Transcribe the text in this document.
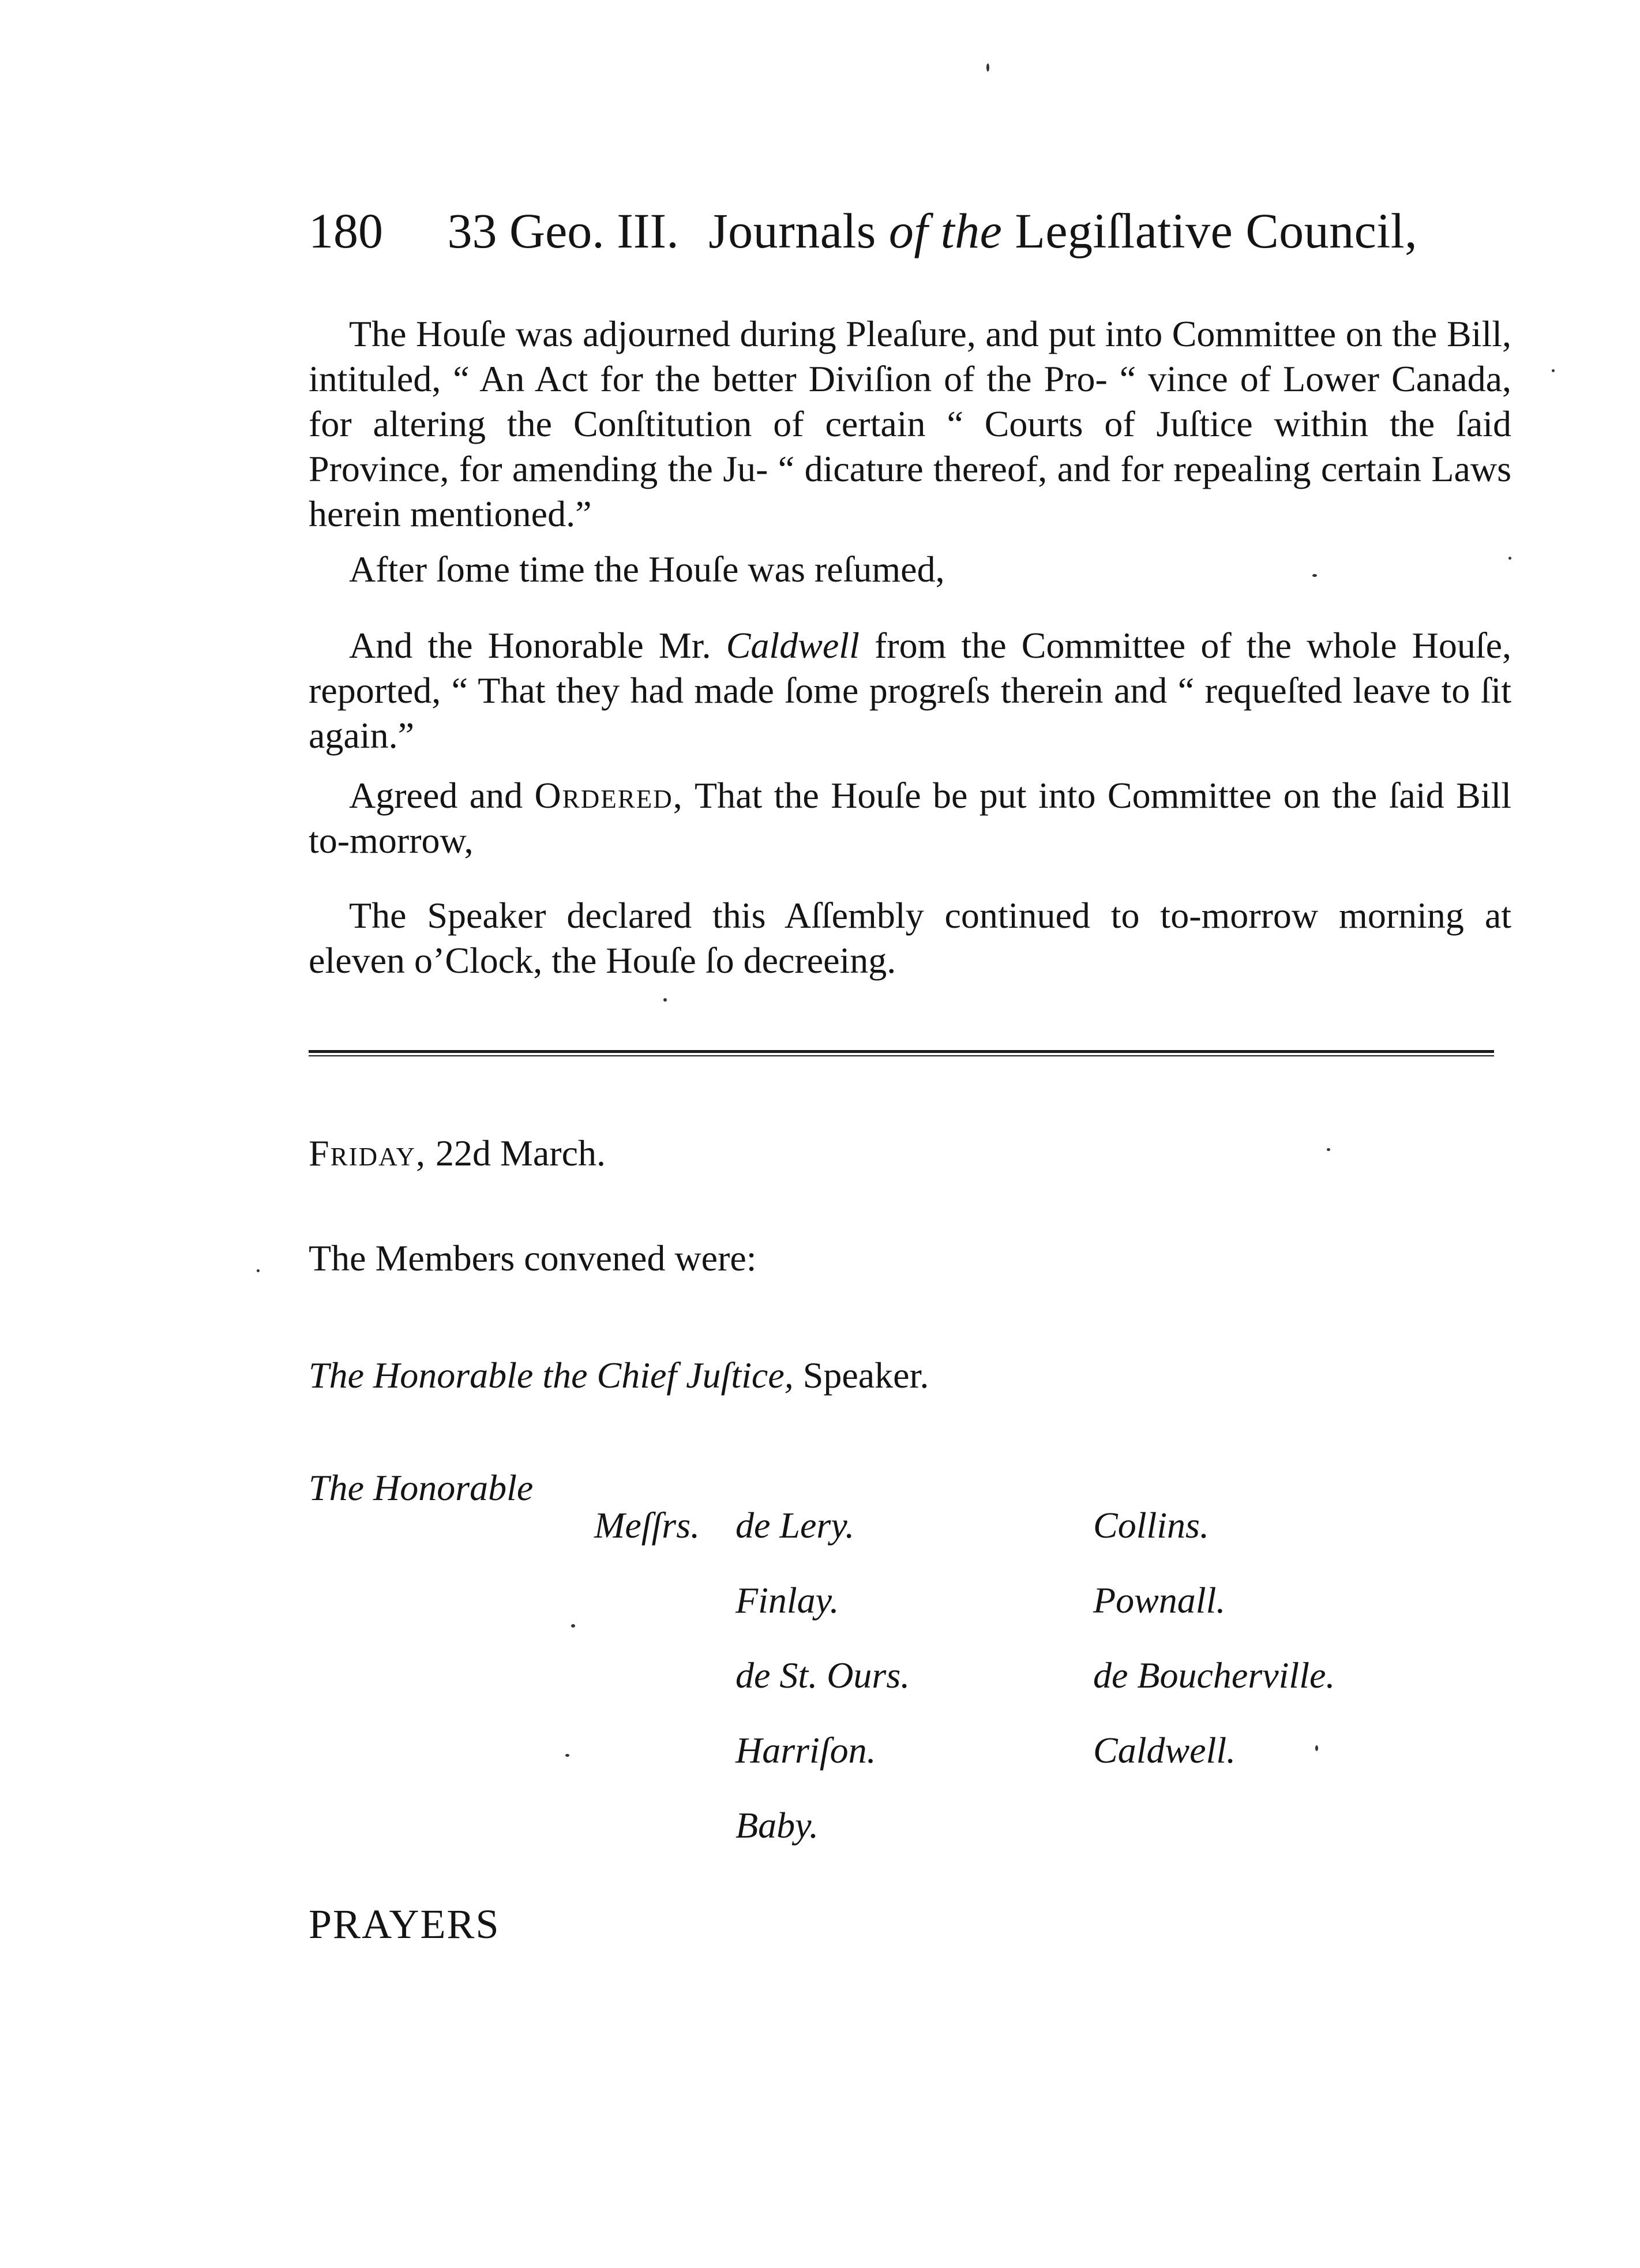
180 33 Geo. III. Journals of the Legiſlative Council,

The Houſe was adjourned during Pleaſure, and put into Committee on the Bill, intituled, “ An Act for the better Diviſion of the Pro- “ vince of Lower Canada, for altering the Conſtitution of certain “ Courts of Juſtice within the ſaid Province, for amending the Ju- “ dicature thereof, and for repealing certain Laws herein mentioned.”

After ſome time the Houſe was reſumed,

And the Honorable Mr. Caldwell from the Committee of the whole Houſe, reported, “ That they had made ſome progreſs therein and “ requeſted leave to ſit again.”

Agreed and Ordered, That the Houſe be put into Committee on the ſaid Bill to-morrow,

The Speaker declared this Aſſembly continued to to-morrow morning at eleven o’Clock, the Houſe ſo decreeing.

Friday, 22d March.
The Members convened were:
The Honorable the Chief Juſtice, Speaker.
The Honorable
Meſſrs. de Lery.
Finlay.
de St. Ours.
Harriſon.
Baby.
Collins.
Pownall.
de Boucherville.
Caldwell.
PRAYERS
